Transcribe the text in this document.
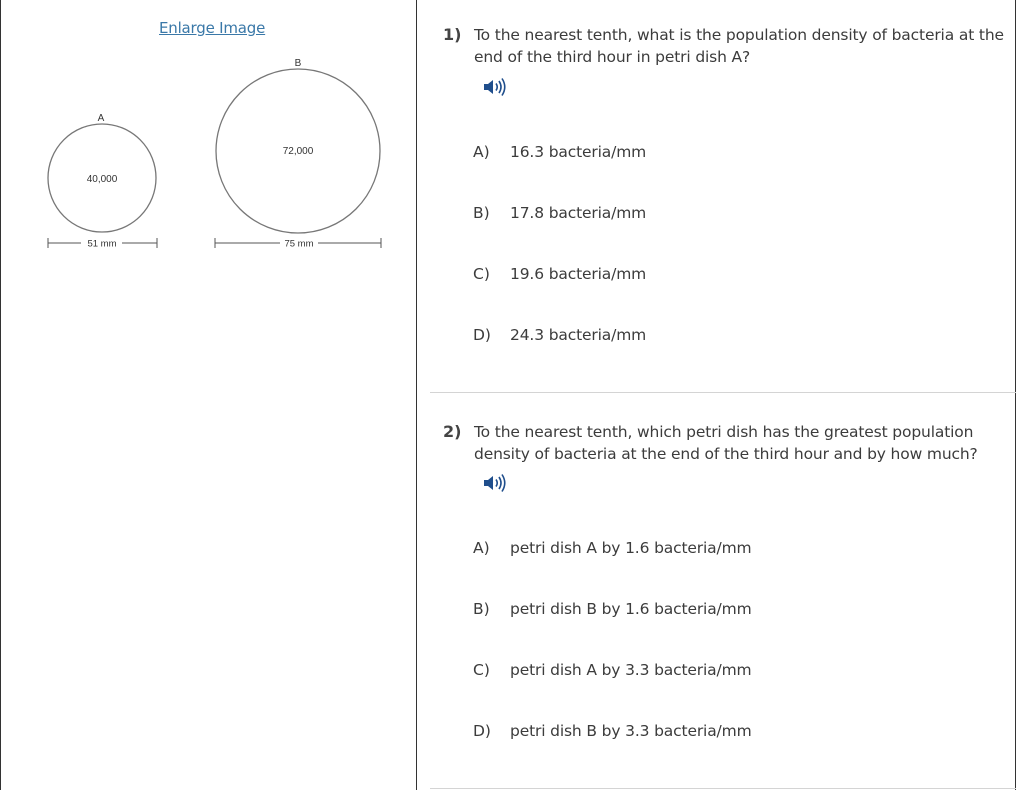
Enlarge Image
A
40,000
51 mm
B
72,000
75 mm
1) To the nearest tenth, what is the population density of bacteria at the end of the third hour in petri dish A?
A) 16.3 bacteria/mm
B) 17.8 bacteria/mm
C) 19.6 bacteria/mm
D) 24.3 bacteria/mm
2) To the nearest tenth, which petri dish has the greatest population density of bacteria at the end of the third hour and by how much?
A) petri dish A by 1.6 bacteria/mm
B) petri dish B by 1.6 bacteria/mm
C) petri dish A by 3.3 bacteria/mm
D) petri dish B by 3.3 bacteria/mm
